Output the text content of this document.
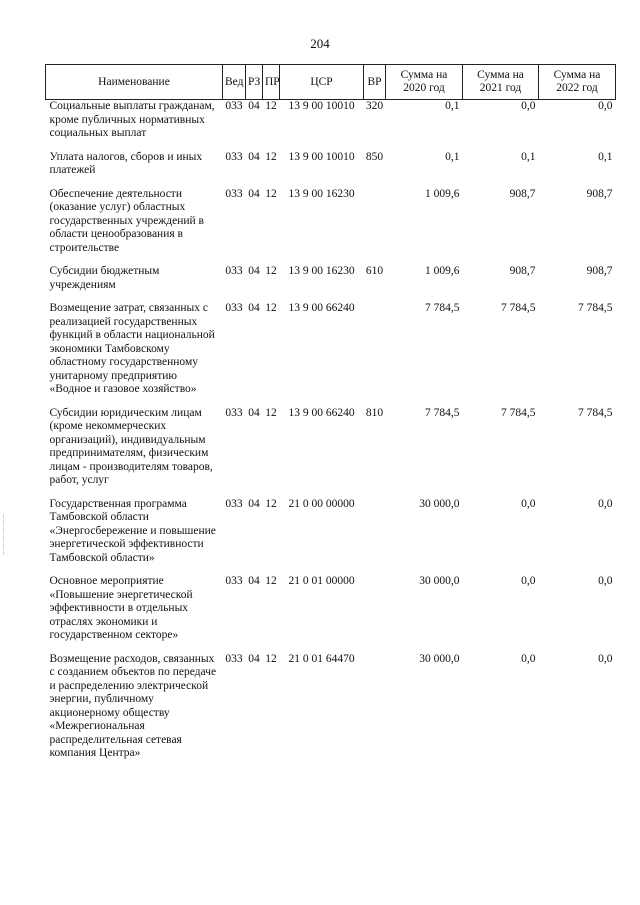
204
Наименование	Вед	РЗ	ПР	ЦСР	ВР	Сумма на 2020 год	Сумма на 2021 год	Сумма на 2022 год
Социальные выплаты гражданам, кроме публичных нормативных социальных выплат	033	04	12	13 9 00 10010	320	0,1	0,0	0,0

Уплата налогов, сборов и иных платежей	033	04	12	13 9 00 10010	850	0,1	0,1	0,1

Обеспечение деятельности (оказание услуг) областных государственных учреждений в области ценообразования в строительстве	033	04	12	13 9 00 16230		1 009,6	908,7	908,7

Субсидии бюджетным учреждениям	033	04	12	13 9 00 16230	610	1 009,6	908,7	908,7

Возмещение затрат, связанных с реализацией государственных функций в области национальной экономики Тамбовскому областному государственному унитарному предприятию «Водное и газовое хозяйство»	033	04	12	13 9 00 66240		7 784,5	7 784,5	7 784,5

Субсидии юридическим лицам (кроме некоммерческих организаций), индивидуальным предпринимателям, физическим лицам - производителям товаров, работ, услуг	033	04	12	13 9 00 66240	810	7 784,5	7 784,5	7 784,5

Государственная программа Тамбовской области «Энергосбережение и повышение энергетической эффективности Тамбовской области»	033	04	12	21 0 00 00000		30 000,0	0,0	0,0

Основное мероприятие «Повышение энергетической эффективности в отдельных отраслях экономики и государственном секторе»	033	04	12	21 0 01 00000		30 000,0	0,0	0,0

Возмещение расходов, связанных с созданием объектов по передаче и распределению электрической энергии, публичному акционерному обществу «Межрегиональная распределительная сетевая компания Центра»	033	04	12	21 0 01 64470		30 000,0	0,0	0,0
